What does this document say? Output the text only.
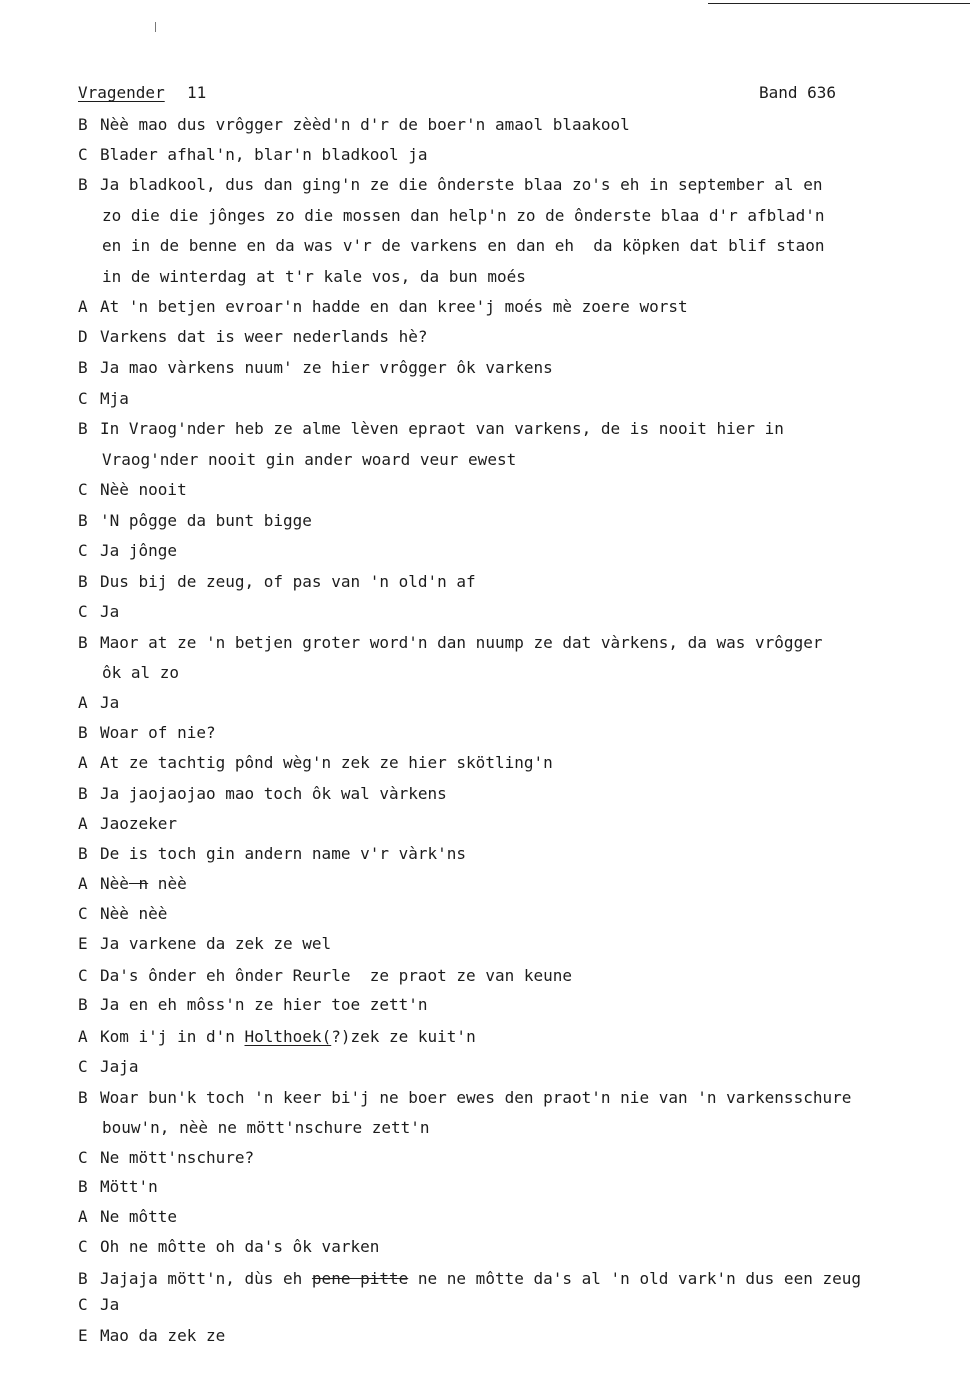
Vragender 11	Band 636
B Nèè mao dus vrôgger zèèd'n d'r de boer'n amaol blaakool
C Blader afhal'n, blar'n bladkool ja
B Ja bladkool, dus dan ging'n ze die ônderste blaa zo's eh in september al en
zo die die jônges zo die mossen dan help'n zo de ônderste blaa d'r afblad'n
en in de benne en da was v'r de varkens en dan eh  da köpken dat blif staon
in de winterdag at t'r kale vos, da bun moés
A At 'n betjen evroar'n hadde en dan kree'j moés mè zoere worst
D Varkens dat is weer nederlands hè?
B Ja mao vàrkens nuum' ze hier vrôgger ôk varkens
C Mja
B In Vraog'nder heb ze alme lèven epraot van varkens, de is nooit hier in
Vraog'nder nooit gin ander woard veur ewest
C Nèè nooit
B 'N pôgge da bunt bigge
C Ja jônge
B Dus bij de zeug, of pas van 'n old'n af
C Ja
B Maor at ze 'n betjen groter word'n dan nuump ze dat vàrkens, da was vrôgger
ôk al zo
A Ja
B Woar of nie?
A At ze tachtig pônd wèg'n zek ze hier skötling'n
B Ja jaojaojao mao toch ôk wal vàrkens
A Jaozeker
B De is toch gin andern name v'r vàrk'ns
A Nèè n nèè
C Nèè nèè
E Ja varkene da zek ze wel
C Da's ônder eh ônder Reurle  ze praot ze van keune
B Ja en eh môss'n ze hier toe zett'n
A Kom i'j in d'n Holthoek(?)zek ze kuit'n
C Jaja
B Woar bun'k toch 'n keer bi'j ne boer ewes den praot'n nie van 'n varkensschure
bouw'n, nèè ne mött'nschure zett'n
C Ne mött'nschure?
B Mött'n
A Ne môtte
C Oh ne môtte oh da's ôk varken
B Jajaja mött'n, dùs eh pene pitte ne ne môtte da's al 'n old vark'n dus een zeug
C Ja
E Mao da zek ze
